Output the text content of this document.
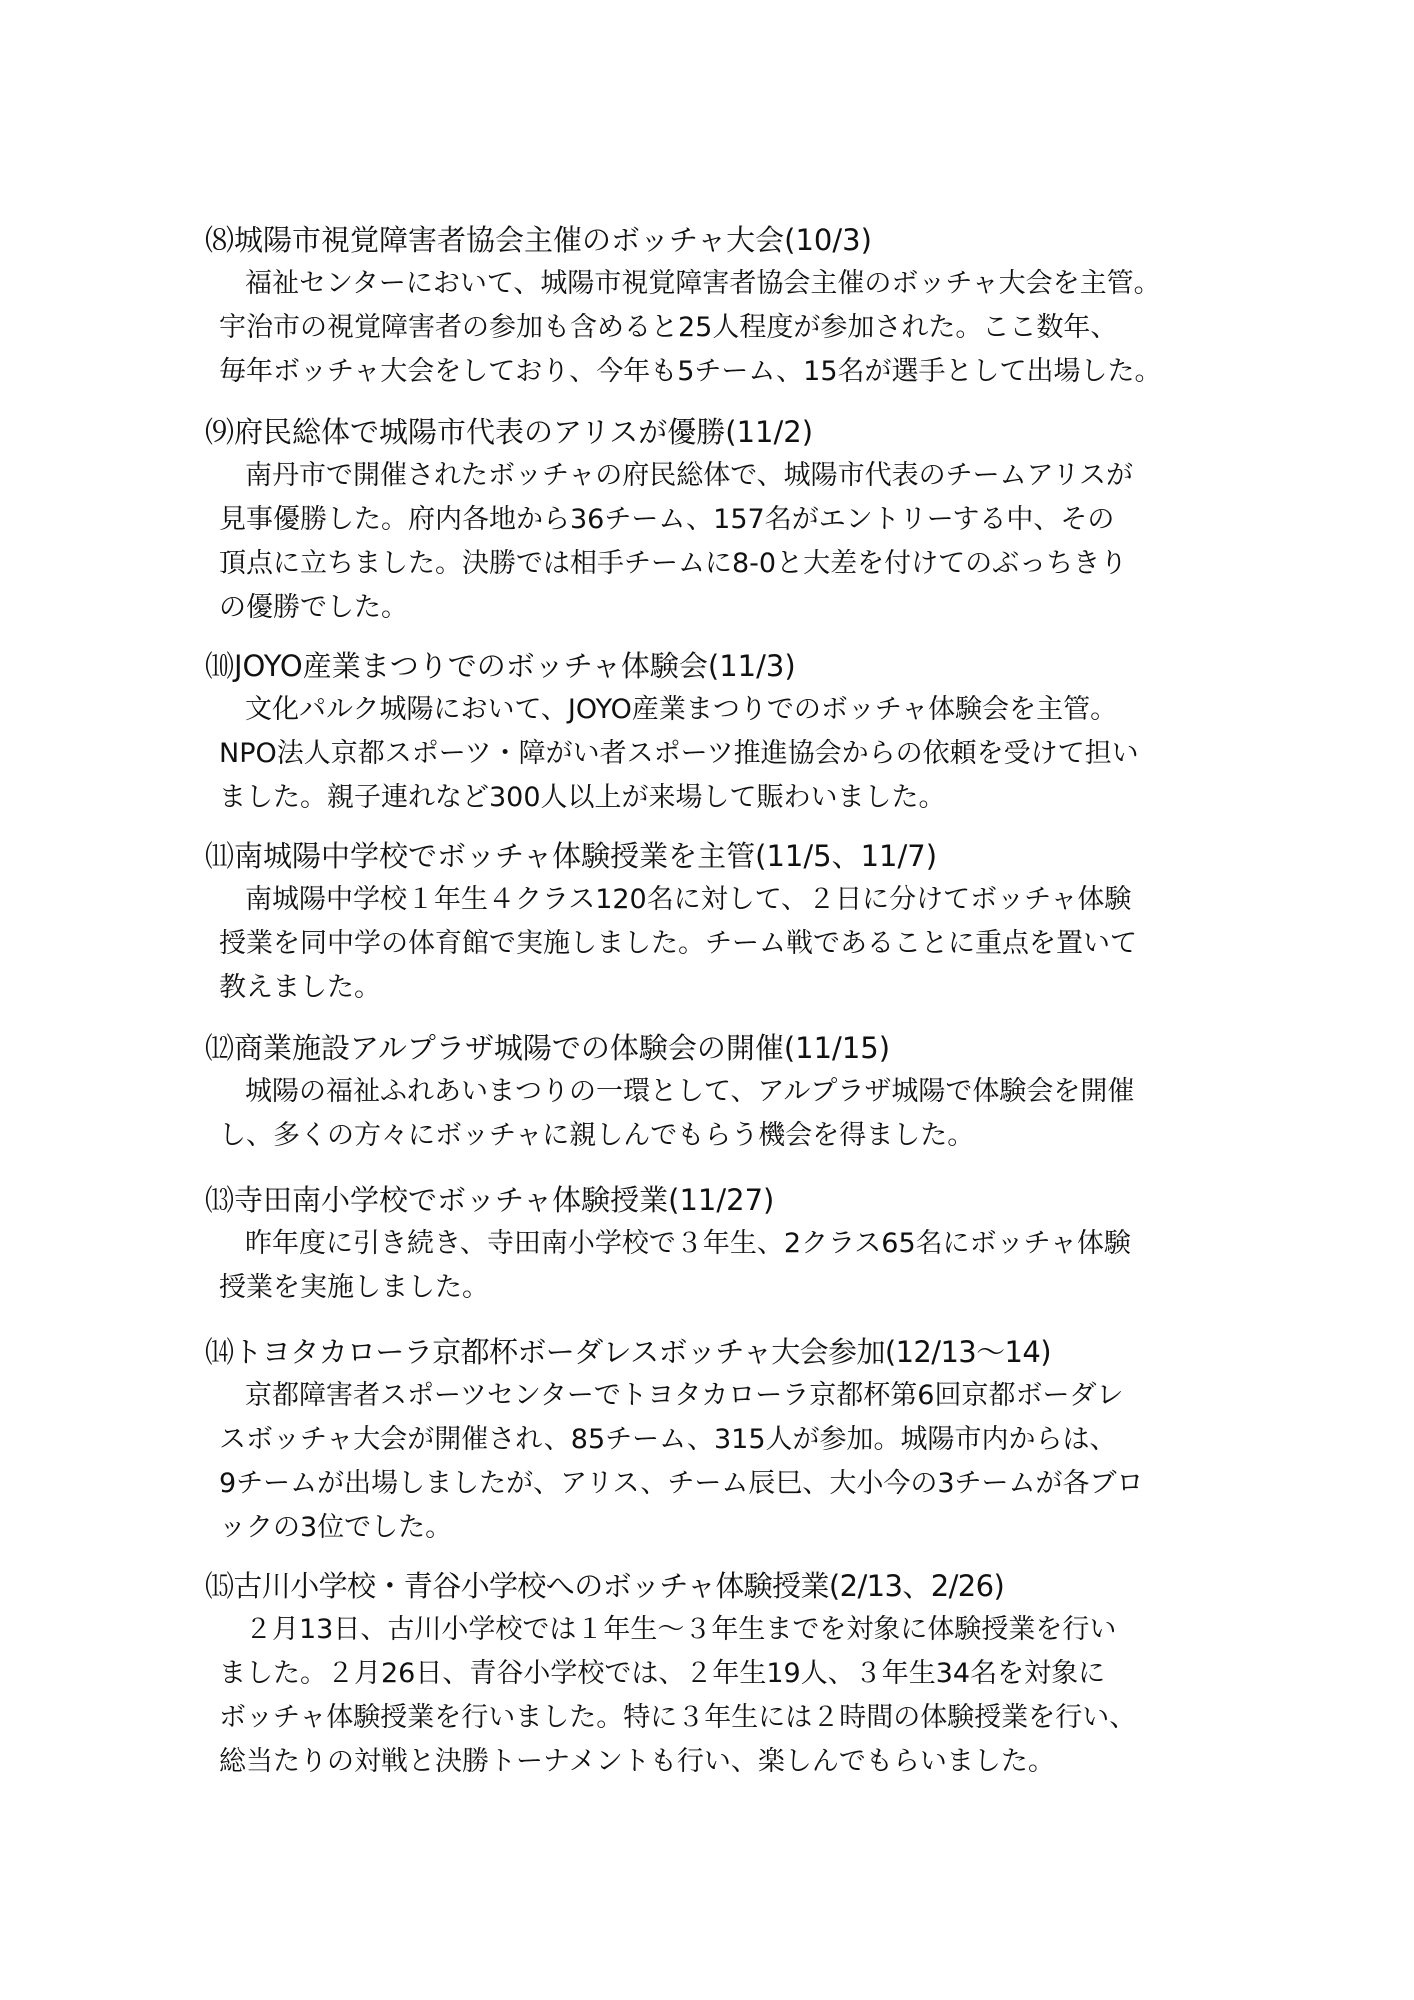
⑻城陽市視覚障害者協会主催のボッチャ大会(10/3)

福祉センターにおいて、城陽市視覚障害者協会主催のボッチャ大会を主管。

宇治市の視覚障害者の参加も含めると25人程度が参加された。ここ数年、

毎年ボッチャ大会をしており、今年も5チーム、15名が選手として出場した。

⑼府民総体で城陽市代表のアリスが優勝(11/2)

南丹市で開催されたボッチャの府民総体で、城陽市代表のチームアリスが

見事優勝した。府内各地から36チーム、157名がエントリーする中、その

頂点に立ちました。決勝では相手チームに8-0と大差を付けてのぶっちきり

の優勝でした。

⑽JOYO産業まつりでのボッチャ体験会(11/3)

文化パルク城陽において、JOYO産業まつりでのボッチャ体験会を主管。

NPO法人京都スポーツ・障がい者スポーツ推進協会からの依頼を受けて担い

ました。親子連れなど300人以上が来場して賑わいました。

⑾南城陽中学校でボッチャ体験授業を主管(11/5、11/7)

南城陽中学校１年生４クラス120名に対して、２日に分けてボッチャ体験

授業を同中学の体育館で実施しました。チーム戦であることに重点を置いて

教えました。

⑿商業施設アルプラザ城陽での体験会の開催(11/15)

城陽の福祉ふれあいまつりの一環として、アルプラザ城陽で体験会を開催

し、多くの方々にボッチャに親しんでもらう機会を得ました。

⒀寺田南小学校でボッチャ体験授業(11/27)

昨年度に引き続き、寺田南小学校で３年生、2クラス65名にボッチャ体験

授業を実施しました。

⒁トヨタカローラ京都杯ボーダレスボッチャ大会参加(12/13～14)

京都障害者スポーツセンターでトヨタカローラ京都杯第6回京都ボーダレ

スボッチャ大会が開催され、85チーム、315人が参加。城陽市内からは、

9チームが出場しましたが、アリス、チーム辰巳、大小今の3チームが各ブロ

ックの3位でした。

⒂古川小学校・青谷小学校へのボッチャ体験授業(2/13、2/26)

２月13日、古川小学校では１年生～３年生までを対象に体験授業を行い

ました。２月26日、青谷小学校では、２年生19人、３年生34名を対象に

ボッチャ体験授業を行いました。特に３年生には２時間の体験授業を行い、

総当たりの対戦と決勝トーナメントも行い、楽しんでもらいました。
